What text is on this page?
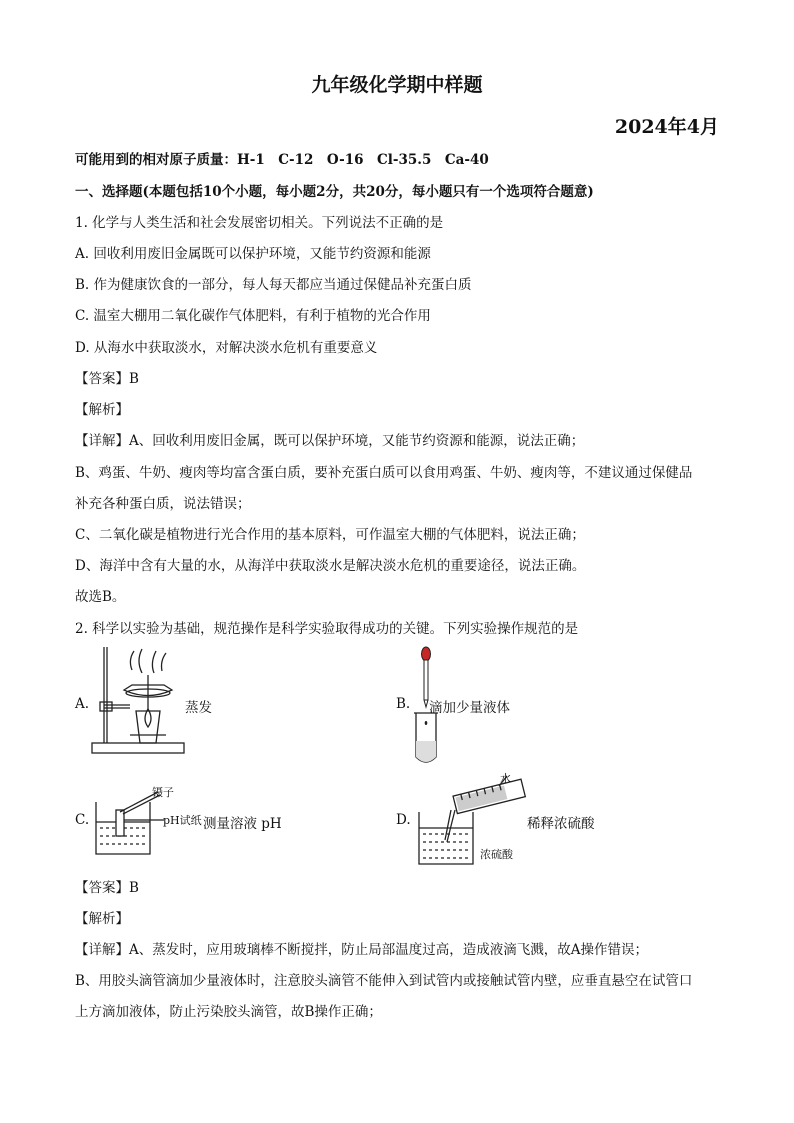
九年级化学期中样题
2024年4月
可能用到的相对原子质量：H-1　C-12　O-16　Cl-35.5　Ca-40
一、选择题(本题包括10个小题，每小题2分，共20分，每小题只有一个选项符合题意)
1. 化学与人类生活和社会发展密切相关。下列说法不正确的是
A. 回收利用废旧金属既可以保护环境，又能节约资源和能源
B. 作为健康饮食的一部分，每人每天都应当通过保健品补充蛋白质
C. 温室大棚用二氧化碳作气体肥料，有利于植物的光合作用
D. 从海水中获取淡水，对解决淡水危机有重要意义
【答案】B
【解析】
【详解】A、回收利用废旧金属，既可以保护环境，又能节约资源和能源，说法正确；
B、鸡蛋、牛奶、瘦肉等均富含蛋白质，要补充蛋白质可以食用鸡蛋、牛奶、瘦肉等，不建议通过保健品
补充各种蛋白质，说法错误；
C、二氧化碳是植物进行光合作用的基本原料，可作温室大棚的气体肥料，说法正确；
D、海洋中含有大量的水，从海洋中获取淡水是解决淡水危机的重要途径，说法正确。
故选B。
2. 科学以实验为基础，规范操作是科学实验取得成功的关键。下列实验操作规范的是
A.	蒸发	B. 滴加少量液体
C.
镊子
pH试纸 测量溶液 pH	D.
水
稀释浓硫酸
浓硫酸
【答案】B
【解析】
【详解】A、蒸发时，应用玻璃棒不断搅拌，防止局部温度过高，造成液滴飞溅，故A操作错误；
B、用胶头滴管滴加少量液体时，注意胶头滴管不能伸入到试管内或接触试管内壁，应垂直悬空在试管口
上方滴加液体，防止污染胶头滴管，故B操作正确；
